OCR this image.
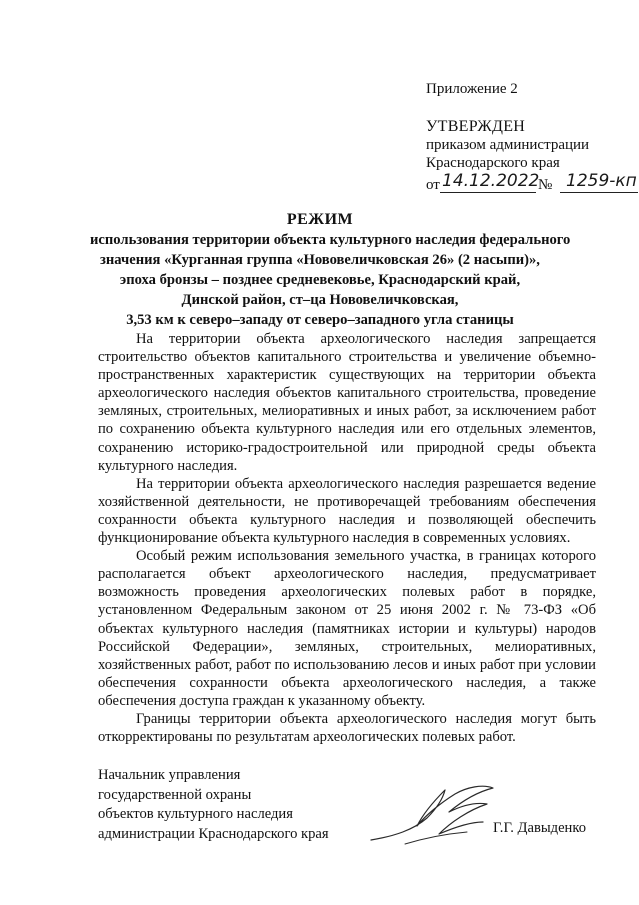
Приложение 2
УТВЕРЖДЕН
приказом администрации
Краснодарского края
от 14.12.2022
№ 1259-кп
РЕЖИМ
использования территории объекта культурного наследия федерального
значения «Курганная группа «Нововеличковская 26» (2 насыпи)»,
эпоха бронзы – позднее средневековье, Краснодарский край,
Динской район, ст–ца Нововеличковская,
3,53 км к северо–западу от северо–западного угла станицы

На территории объекта археологического наследия запрещается строительство объектов капитального строительства и увеличение объемно-пространственных характеристик существующих на территории объекта археологического наследия объектов капитального строительства, проведение земляных, строительных, мелиоративных и иных работ, за исключением работ по сохранению объекта культурного наследия или его отдельных элементов, сохранению историко-градостроительной или природной среды объекта культурного наследия.

На территории объекта археологического наследия разрешается ведение хозяйственной деятельности, не противоречащей требованиям обеспечения сохранности объекта культурного наследия и позволяющей обеспечить функционирование объекта культурного наследия в современных условиях.

Особый режим использования земельного участка, в границах которого располагается объект археологического наследия, предусматривает возможность проведения археологических полевых работ в порядке, установленном Федеральным законом от 25 июня 2002 г. № 73-ФЗ «Об объектах культурного наследия (памятниках истории и культуры) народов Российской Федерации», земляных, строительных, мелиоративных, хозяйственных работ, работ по использованию лесов и иных работ при условии обеспечения сохранности объекта археологического наследия, а также обеспечения доступа граждан к указанному объекту.

Границы территории объекта археологического наследия могут быть откорректированы по результатам археологических полевых работ.

Начальник управления
государственной охраны
объектов культурного наследия
администрации Краснодарского края	Г.Г. Давыденко
